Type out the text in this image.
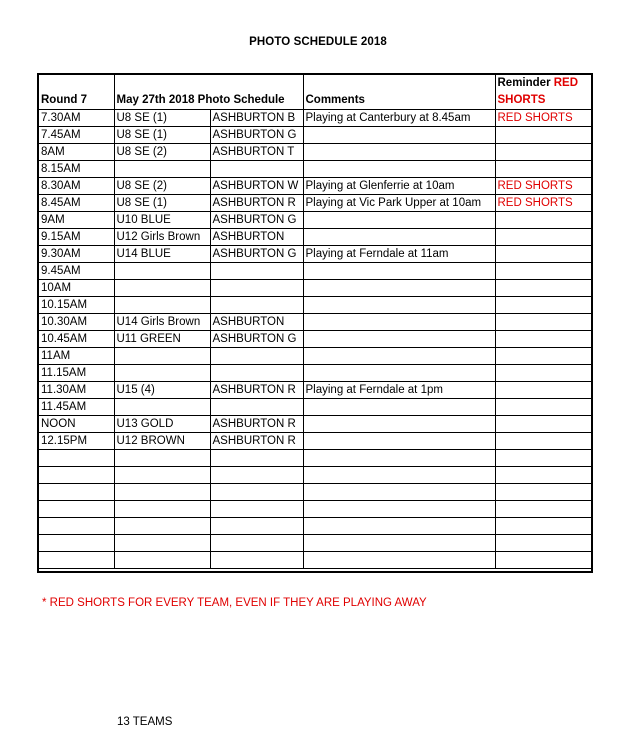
PHOTO SCHEDULE 2018
Round 7	May 27th 2018 Photo Schedule		Comments	Reminder RED SHORTS
7.30AM	U8 SE (1)	ASHBURTON B	Playing at Canterbury at 8.45am	RED SHORTS
7.45AM	U8 SE (1)	ASHBURTON G		
8AM	U8 SE (2)	ASHBURTON T		
8.15AM				
8.30AM	U8 SE (2)	ASHBURTON W	Playing at Glenferrie at 10am	RED SHORTS
8.45AM	U8 SE (1)	ASHBURTON R	Playing at Vic Park Upper at 10am	RED SHORTS
9AM	U10 BLUE	ASHBURTON G		
9.15AM	U12 Girls Brown	ASHBURTON		
9.30AM	U14 BLUE	ASHBURTON G	Playing at Ferndale at 11am	
9.45AM				
10AM				
10.15AM				
10.30AM	U14 Girls Brown	ASHBURTON		
10.45AM	U11 GREEN	ASHBURTON G		
11AM				
11.15AM				
11.30AM	U15 (4)	ASHBURTON R	Playing at Ferndale at 1pm	
11.45AM				
NOON	U13 GOLD	ASHBURTON R		
12.15PM	U12 BROWN	ASHBURTON R		

* RED SHORTS FOR EVERY TEAM, EVEN IF THEY ARE PLAYING AWAY
13 TEAMS
